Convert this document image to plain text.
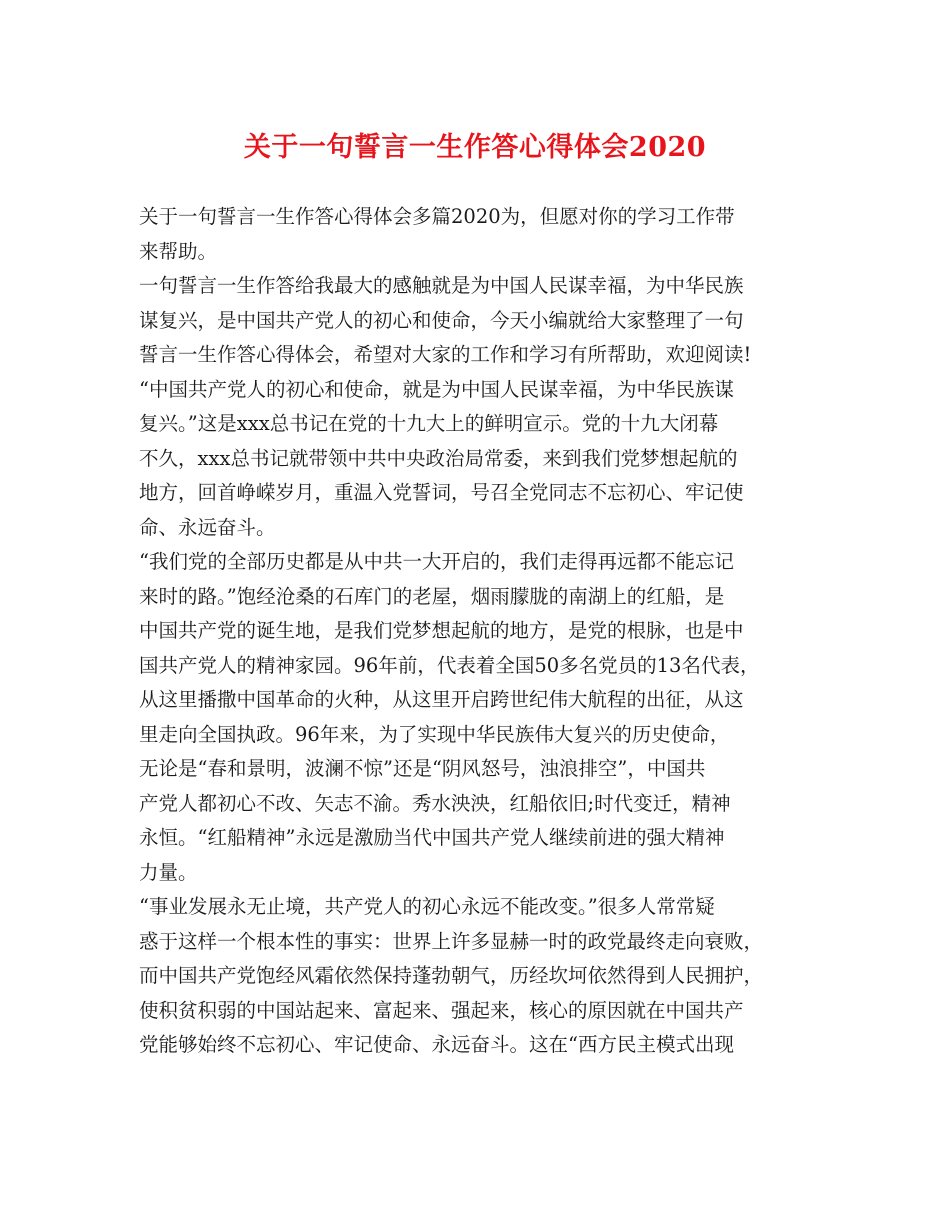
关于一句誓言一生作答心得体会2020
关于一句誓言一生作答心得体会多篇2020为，但愿对你的学习工作带
来帮助。
一句誓言一生作答给我最大的感触就是为中国人民谋幸福，为中华民族
谋复兴，是中国共产党人的初心和使命，今天小编就给大家整理了一句
誓言一生作答心得体会，希望对大家的工作和学习有所帮助，欢迎阅读!
“中国共产党人的初心和使命，就是为中国人民谋幸福，为中华民族谋
复兴。”这是xxx总书记在党的十九大上的鲜明宣示。党的十九大闭幕
不久，xxx总书记就带领中共中央政治局常委，来到我们党梦想起航的
地方，回首峥嵘岁月，重温入党誓词，号召全党同志不忘初心、牢记使
命、永远奋斗。
“我们党的全部历史都是从中共一大开启的，我们走得再远都不能忘记
来时的路。”饱经沧桑的石库门的老屋，烟雨朦胧的南湖上的红船，是
中国共产党的诞生地，是我们党梦想起航的地方，是党的根脉，也是中
国共产党人的精神家园。96年前，代表着全国50多名党员的13名代表，
从这里播撒中国革命的火种，从这里开启跨世纪伟大航程的出征，从这
里走向全国执政。96年来，为了实现中华民族伟大复兴的历史使命，
无论是“春和景明，波澜不惊”还是“阴风怒号，浊浪排空”，中国共
产党人都初心不改、矢志不渝。秀水泱泱，红船依旧;时代变迁，精神
永恒。“红船精神”永远是激励当代中国共产党人继续前进的强大精神
力量。
“事业发展永无止境，共产党人的初心永远不能改变。”很多人常常疑
惑于这样一个根本性的事实：世界上许多显赫一时的政党最终走向衰败，
而中国共产党饱经风霜依然保持蓬勃朝气，历经坎坷依然得到人民拥护，
使积贫积弱的中国站起来、富起来、强起来，核心的原因就在中国共产
党能够始终不忘初心、牢记使命、永远奋斗。这在“西方民主模式出现
